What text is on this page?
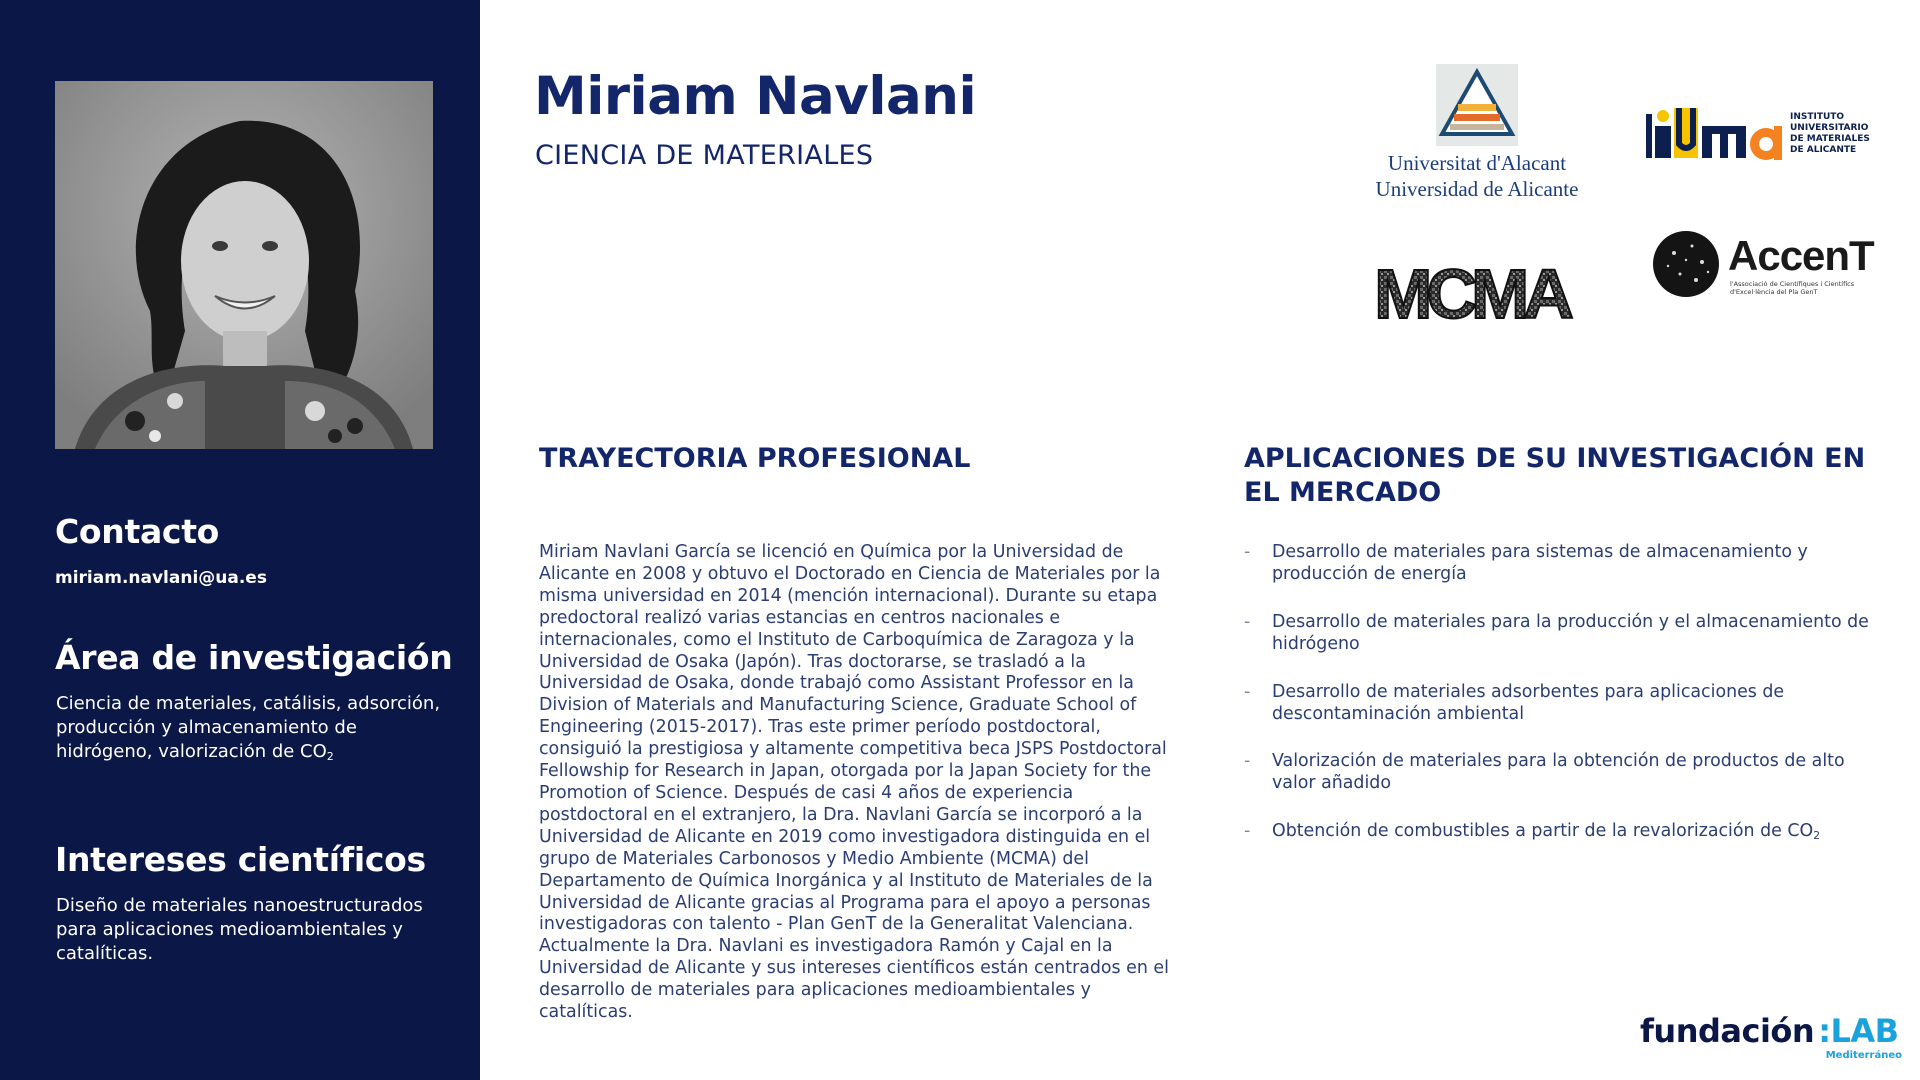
Contacto
miriam.navlani@ua.es
Área de investigación
Ciencia de materiales, catálisis, adsorción, producción y almacenamiento de hidrógeno, valorización de $CO_2$
Intereses científicos
Diseño de materiales nanoestructurados para aplicaciones medioambientales y catalíticas.
Miriam Navlani
CIENCIA DE MATERIALES	Universitat d'Alacant
Universidad de Alicante
INSTITUTO
UNIVERSITARIO
DE MATERIALES
DE ALICANTE
MCMA	AccenT
l'Associació de Científiques i Científics
d'Excel·lència del Pla GenT
TRAYECTORIA PROFESIONAL
Miriam Navlani García se licenció en Química por la Universidad de Alicante en 2008 y obtuvo el Doctorado en Ciencia de Materiales por la misma universidad en 2014 (mención internacional). Durante su etapa predoctoral realizó varias estancias en centros nacionales e internacionales, como el Instituto de Carboquímica de Zaragoza y la Universidad de Osaka (Japón). Tras doctorarse, se trasladó a la Universidad de Osaka, donde trabajó como Assistant Professor en la Division of Materials and Manufacturing Science, Graduate School of Engineering (2015-2017). Tras este primer período postdoctoral, consiguió la prestigiosa y altamente competitiva beca JSPS Postdoctoral Fellowship for Research in Japan, otorgada por la Japan Society for the Promotion of Science. Después de casi 4 años de experiencia postdoctoral en el extranjero, la Dra. Navlani García se incorporó a la Universidad de Alicante en 2019 como investigadora distinguida en el grupo de Materiales Carbonosos y Medio Ambiente (MCMA) del Departamento de Química Inorgánica y al Instituto de Materiales de la Universidad de Alicante gracias al Programa para el apoyo a personas investigadoras con talento - Plan GenT de la Generalitat Valenciana. Actualmente la Dra. Navlani es investigadora Ramón y Cajal en la Universidad de Alicante y sus intereses científicos están centrados en el desarrollo de materiales para aplicaciones medioambientales y catalíticas.
APLICACIONES DE SU INVESTIGACIÓN EN EL MERCADO
- Desarrollo de materiales para sistemas de almacenamiento y producción de energía
- Desarrollo de materiales para la producción y el almacenamiento de hidrógeno
- Desarrollo de materiales adsorbentes para aplicaciones de descontaminación ambiental
- Valorización de materiales para la obtención de productos de alto valor añadido
- Obtención de combustibles a partir de la revalorización de $CO_2$
fundación :LAB
Mediterráneo
